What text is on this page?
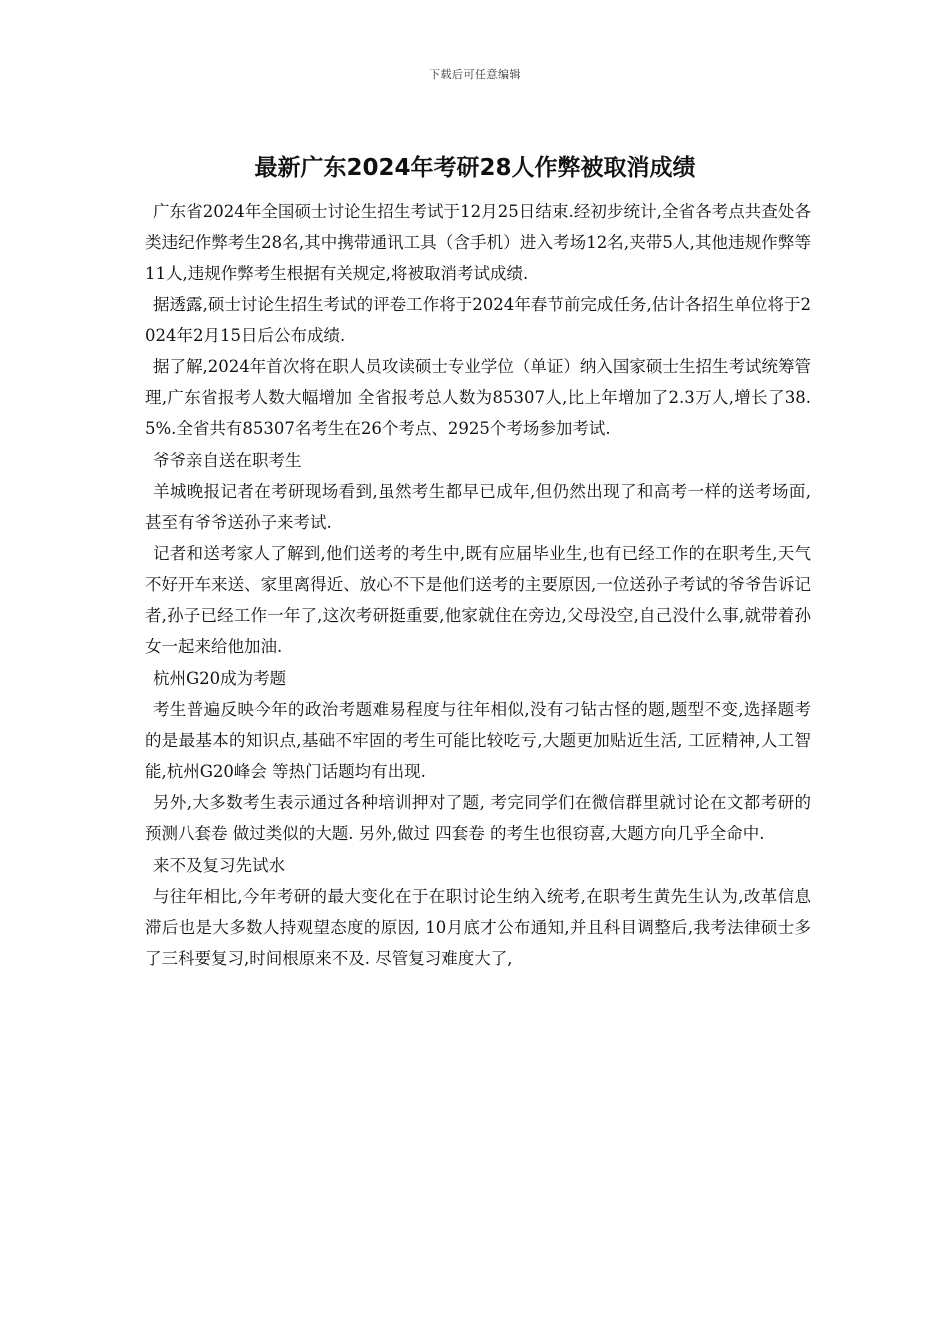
下载后可任意编辑
最新广东2024年考研28人作弊被取消成绩

广东省2024年全国硕士讨论生招生考试于12月25日结束.经初步统计,全省各考点共查处各类违纪作弊考生28名,其中携带通讯工具（含手机）进入考场12名,夹带5人,其他违规作弊等11人,违规作弊考生根据有关规定,将被取消考试成绩.

据透露,硕士讨论生招生考试的评卷工作将于2024年春节前完成任务,估计各招生单位将于2024年2月15日后公布成绩.

据了解,2024年首次将在职人员攻读硕士专业学位（单证）纳入国家硕士生招生考试统筹管理,广东省报考人数大幅增加 全省报考总人数为85307人,比上年增加了2.3万人,增长了38.5%.全省共有85307名考生在26个考点、2925个考场参加考试.

爷爷亲自送在职考生

羊城晚报记者在考研现场看到,虽然考生都早已成年,但仍然出现了和高考一样的送考场面,甚至有爷爷送孙子来考试.

记者和送考家人了解到,他们送考的考生中,既有应届毕业生,也有已经工作的在职考生,天气不好开车来送、家里离得近、放心不下是他们送考的主要原因,一位送孙子考试的爷爷告诉记者,孙子已经工作一年了,这次考研挺重要,他家就住在旁边,父母没空,自己没什么事,就带着孙女一起来给他加油.

杭州G20成为考题

考生普遍反映今年的政治考题难易程度与往年相似,没有刁钻古怪的题,题型不变,选择题考的是最基本的知识点,基础不牢固的考生可能比较吃亏,大题更加贴近生活, 工匠精神,人工智能,杭州G20峰会 等热门话题均有出现.

另外,大多数考生表示通过各种培训押对了题, 考完同学们在微信群里就讨论在文都考研的 预测八套卷 做过类似的大题. 另外,做过 四套卷 的考生也很窃喜,大题方向几乎全命中.

来不及复习先试水

与往年相比,今年考研的最大变化在于在职讨论生纳入统考,在职考生黄先生认为,改革信息滞后也是大多数人持观望态度的原因, 10月底才公布通知,并且科目调整后,我考法律硕士多了三科要复习,时间根原来不及. 尽管复习难度大了,
